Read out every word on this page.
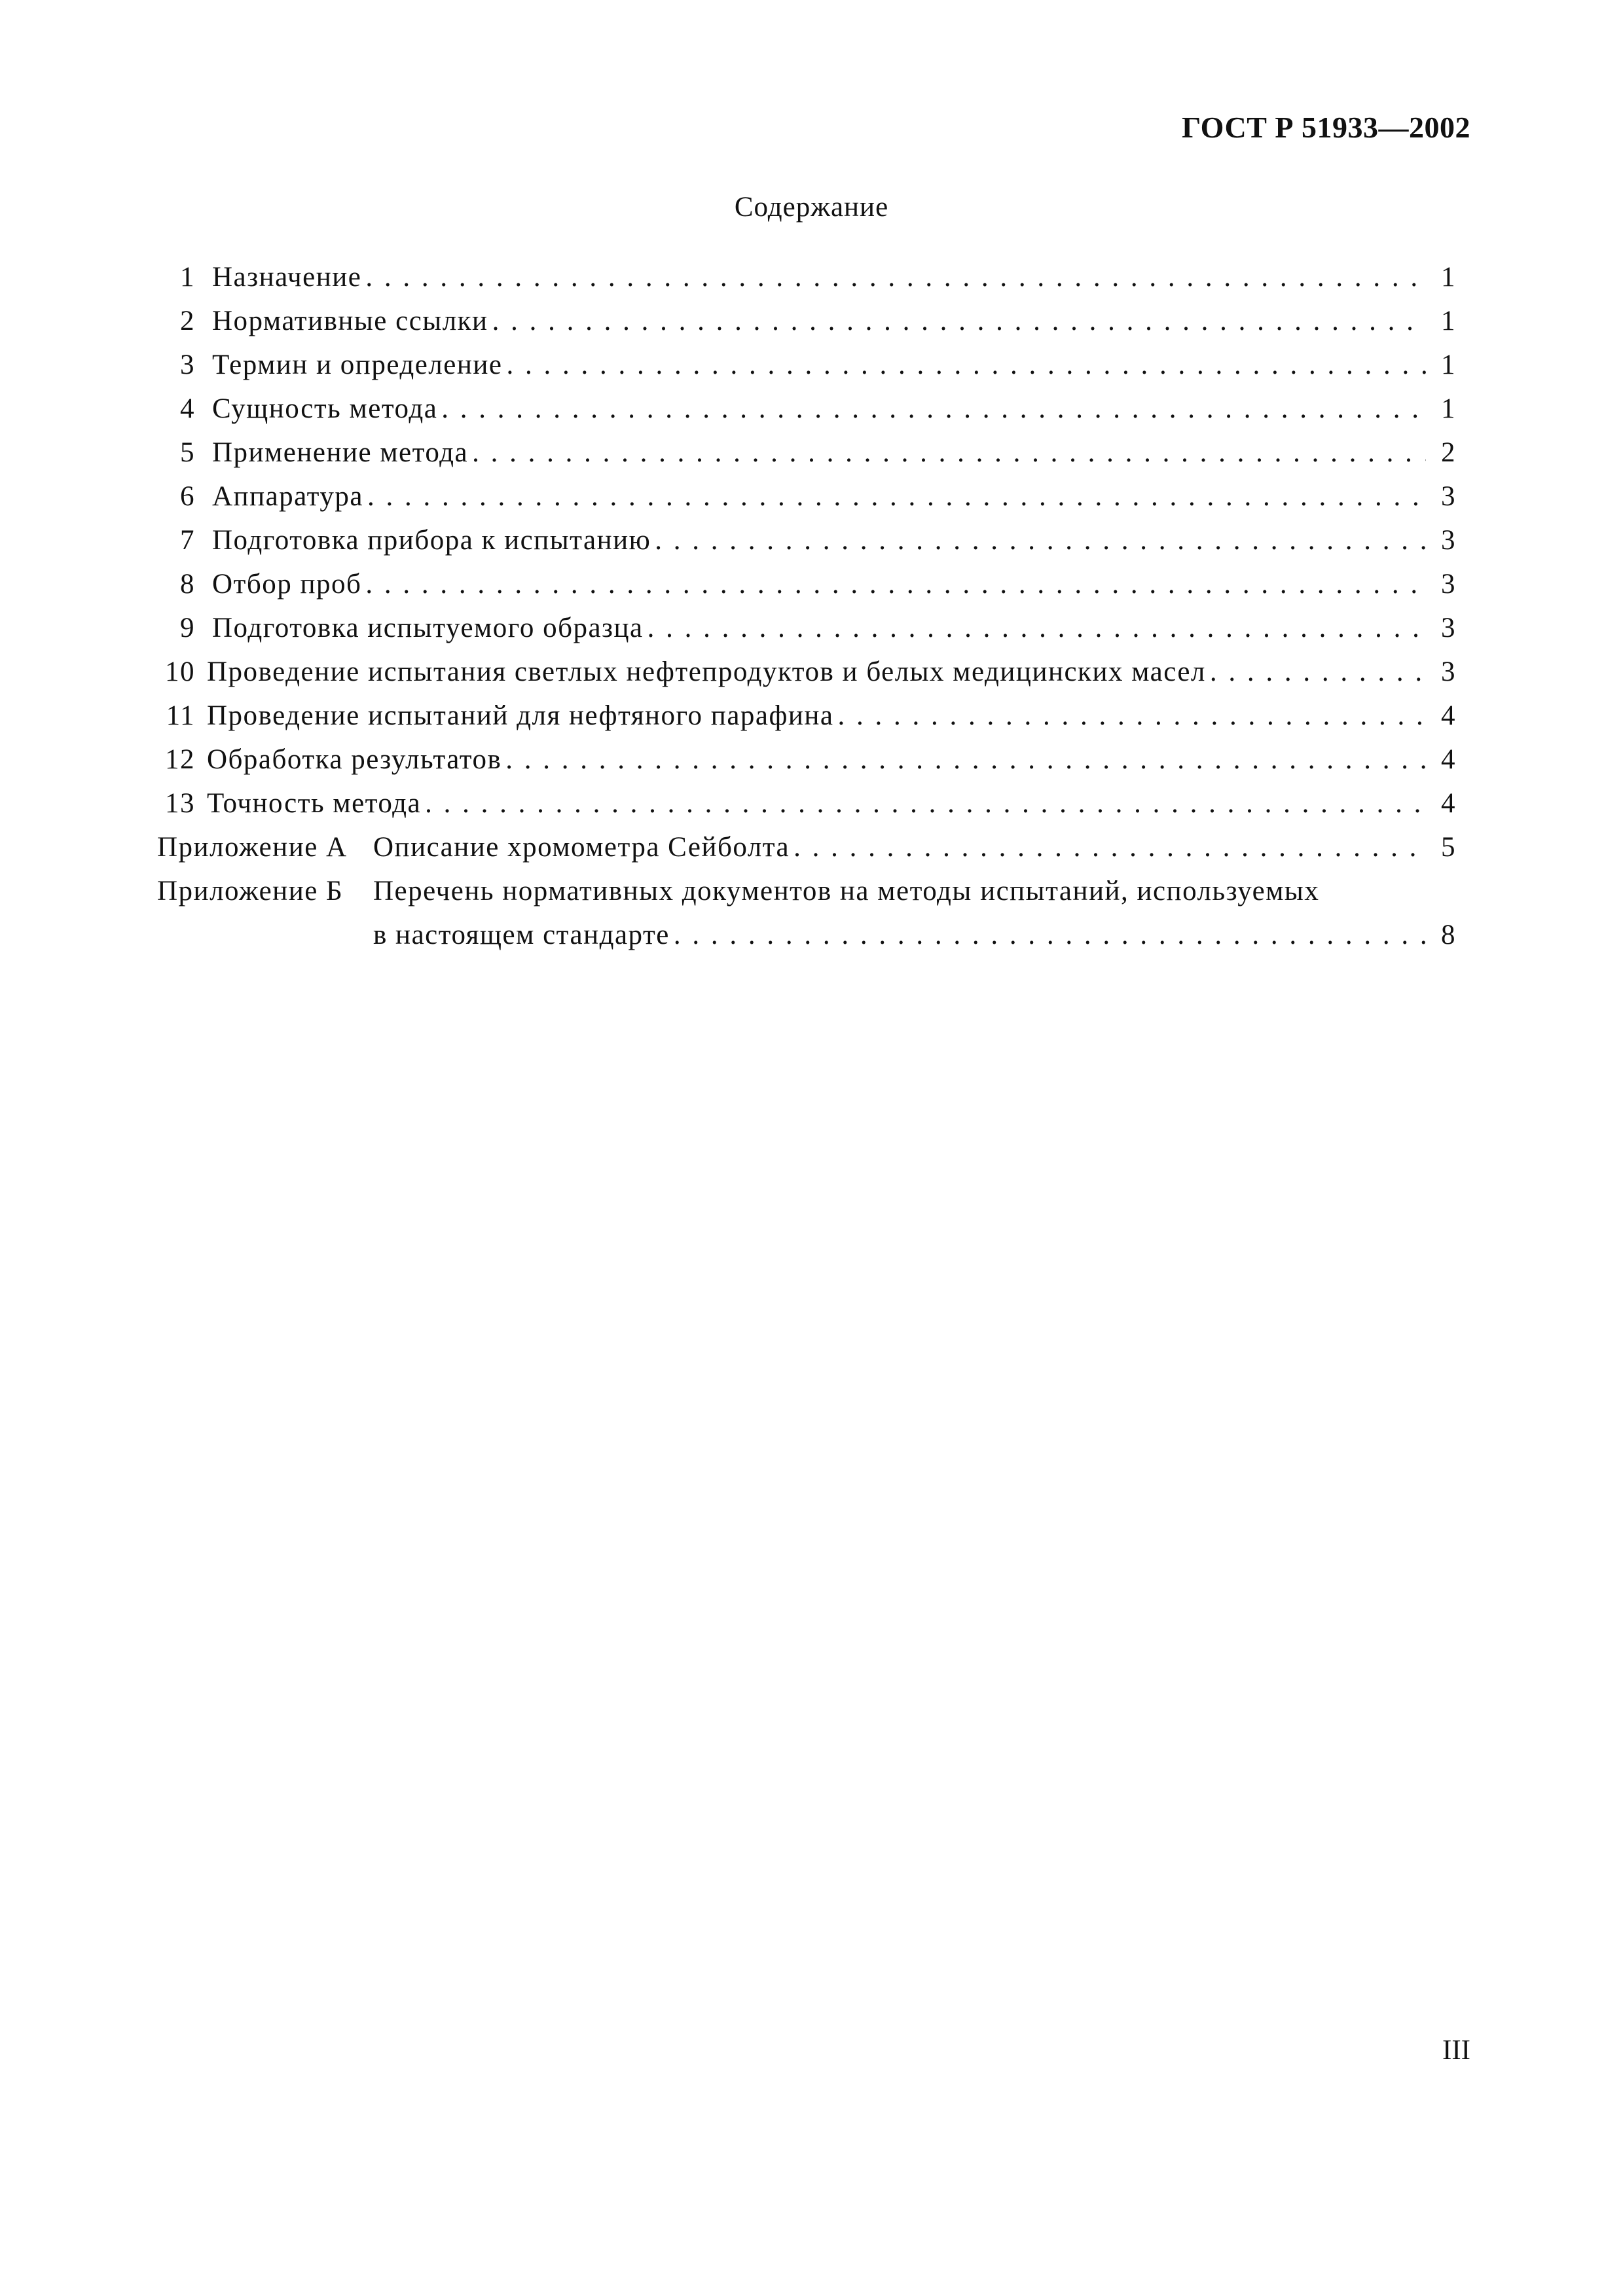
ГОСТ Р 51933—2002
Содержание
1 Назначение . . .	1
2 Нормативные ссылки . . .	1
3 Термин и определение . . .	1
4 Сущность метода . . .	1
5 Применение метода . . .	2
6 Аппаратура . . .	3
7 Подготовка прибора к испытанию . . .	3
8 Отбор проб . . .	3
9 Подготовка испытуемого образца . . .	3
10 Проведение испытания светлых нефтепродуктов и белых медицинских масел . . .	3
11 Проведение испытаний для нефтяного парафина . . .	4
12 Обработка результатов . . .	4
13 Точность метода . . .	4
Приложение А Описание хромометра Сейболта . . .	5
Приложение Б	Перечень нормативных документов на методы испытаний, используемых
в настоящем стандарте . . .	8
III
